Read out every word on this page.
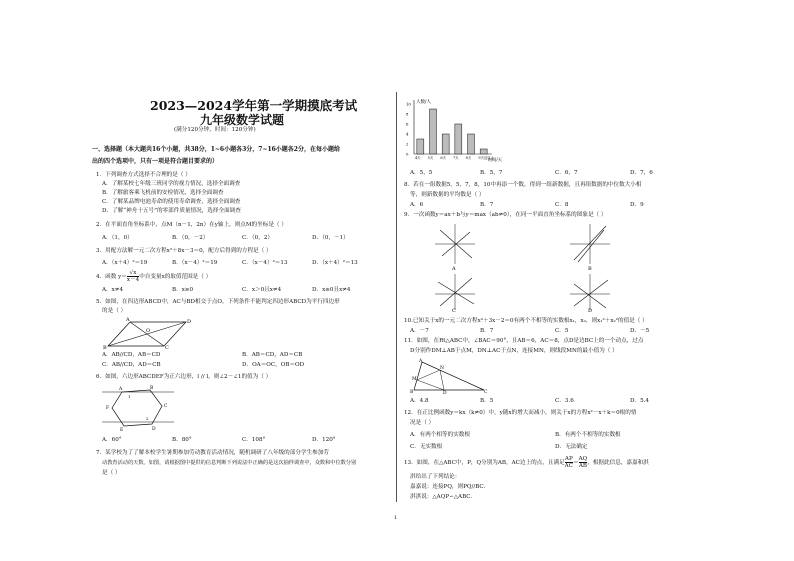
2023—2024学年第一学期摸底考试
九年级数学试题
(满分120分钟，时间：120分钟)
一、选择题（本大题共16个小题，共38分，1~6小题各3分，7~16小题各2分，在每小题给
出的四个选项中，只有一项是符合题目要求的）
1．下列调查方式选择不合理的是（ ）
A．了解某校七年级三班同学的视力情况，选择全面调查
B．了解旅客乘飞机前的安检情况，选择全面调查
C．了解某品牌电池寿命的使用寿命调查，选择全面调查
D．了解“神舟十五号”的零部件质量情况，选择全面调查
2．在平面直角坐标系中，点M（n－1，2n）在y轴上，则点M的坐标是（ ）
A．（1，0）	B．（0，－2）	C．（0，2）	D．（0，－1）
3．用配方法解一元二次方程x²＋8x－3＝0，配方后得到的方程是（ ）
A．（x＋4）²＝19	B．（x－4）²＝19	C．（x－4）²＝13	D．（x＋4）²＝13
4．函数 $y= \frac{√x}{x-4}$ 中自变量x的取值范围是（ ）
A．x≠4	B．x≥0	C．x＞0且x≠4	D．x≥0且x≠4
5．如图，在四边形ABCD中，AC与BD相交于点O，下列条件不能判定四边形ABCD为平行四边形
的是（ ）
B
A	D
C
O
A．AB//CD，AB＝CD	B．AB＝CD，AD＝CB
C．AB//CD，AD＝CB	D．OA＝OC，OB＝OD
6．如图，六边形ABCDEF为正六边形，l // l，则∠2－∠1的值为（ ）
A	B
C
D
E
F
1
2
A．60°	B．80°	C．108°	D．120°
7．某学校为了了解本校学生暑期参加劳动教育活动情况，随机调研了八年级的部分学生参加劳
动教育活动的天数。如图，请根据图中提供的信息判断下列说法中正确的是这次抽样调查中，众数和中位数分别
是（ ）
人数/人
时间/天
4天 5天 6天 7天 8天 9天及以上
0
2
4
6
8
10
A．5，5	B．5，7	C．6，7	D．7，6
8．若在一组数据5，5，7，8，10中再添一个数，得到一组新数据，且再组数据的中位数大小相
等，则新数据的平均数是（ ）
A．6	B．7	C．8	D．9
9．一次函数y＝ax＋b与y＝max（ab≠0），在同一平面直角坐标系的图象是（ ）
A	B
C	D
10.已知关于x的一元二次方程x²＋3x－2＝0有两个不相等的实数根x₁，x₂，则x₁²＋x₂²的值是（ ）
A．－7	B．7	C．5	D．－5
11．如图，在Rt△ABC中，∠BAC＝90°，且AB＝6，AC＝8，点D是边BC上的一个动点，过点
D分别作DM⊥AB于点M，DN⊥AC于点N，连接MN，则线段MN的最小值为（ ）
A
B	C
D
M
N
A．4.8	B．5	C．3.6	D．5.4
12．在正比例函数y＝kx（k≠0）中，y随x的增大而减小，则关于x的方程x²－x＋k＝0根的情
况是（ ）
A．有两个相等的实数根	B．有两个不相等的实数根
C．无实数根	D．无法确定
13．如图，在△ABC中，P，Q分别为AB，AC边上的点，且满足 $\frac{AP}{AC} = \frac{AQ}{AB}$ ，根据此信息，嘉嘉和淇
淇给出了下列结论：
嘉嘉说：连接PQ，则PQ//BC.
淇淇说：△AQP∽△ABC.
1
